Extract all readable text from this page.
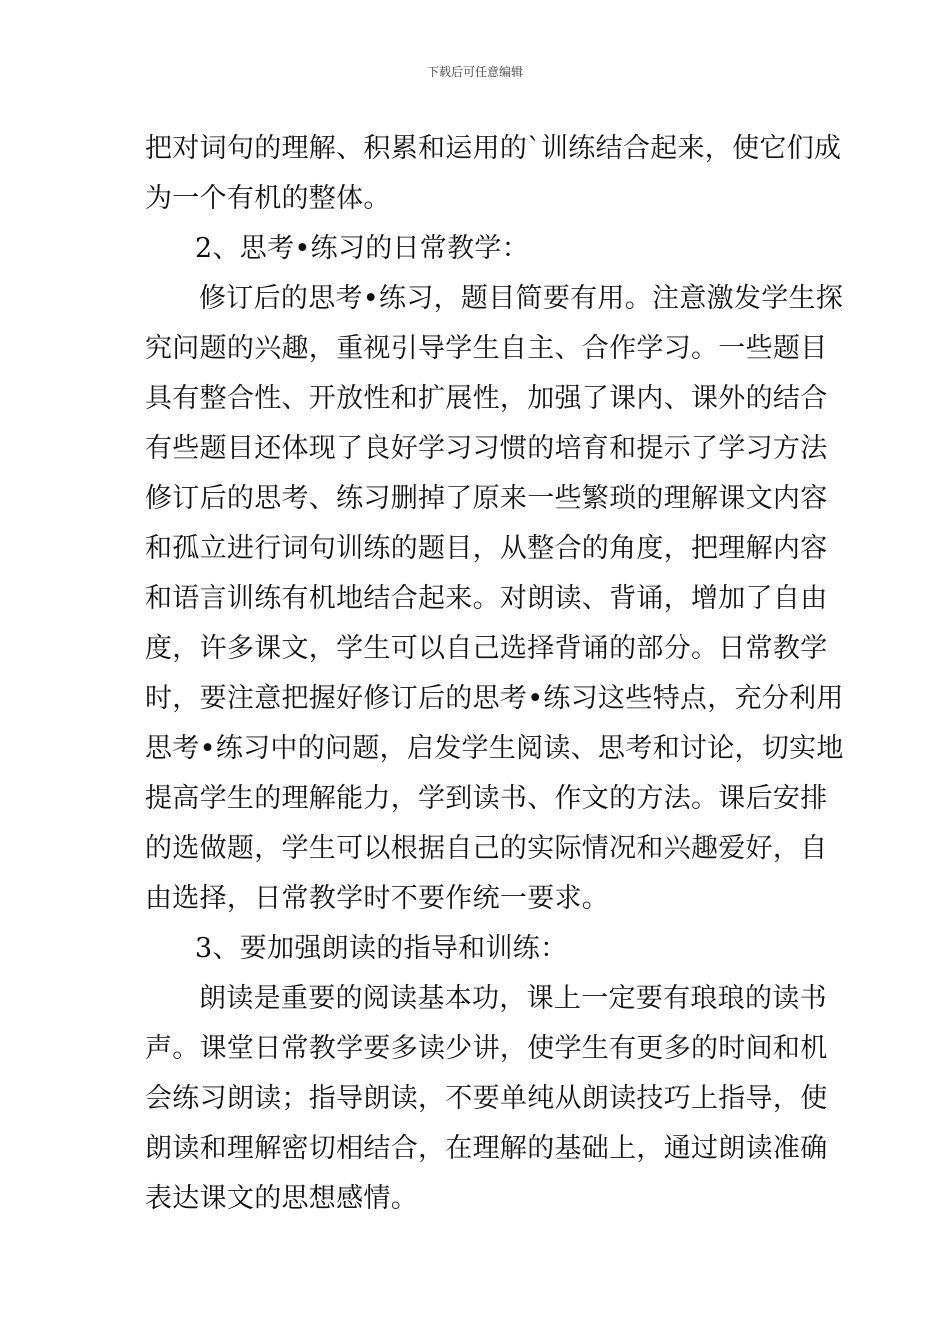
下载后可任意编辑
把对词句的理解、积累和运用的`训练结合起来，使它们成
为一个有机的整体。
2、思考•练习的日常教学：
修订后的思考•练习，题目简要有用。注意激发学生探
究问题的兴趣，重视引导学生自主、合作学习。一些题目
具有整合性、开放性和扩展性，加强了课内、课外的结合
有些题目还体现了良好学习习惯的培育和提示了学习方法
修订后的思考、练习删掉了原来一些繁琐的理解课文内容
和孤立进行词句训练的题目，从整合的角度，把理解内容
和语言训练有机地结合起来。对朗读、背诵，增加了自由
度，许多课文，学生可以自己选择背诵的部分。日常教学
时，要注意把握好修订后的思考•练习这些特点，充分利用
思考•练习中的问题，启发学生阅读、思考和讨论，切实地
提高学生的理解能力，学到读书、作文的方法。课后安排
的选做题，学生可以根据自己的实际情况和兴趣爱好，自
由选择，日常教学时不要作统一要求。
3、要加强朗读的指导和训练：
朗读是重要的阅读基本功，课上一定要有琅琅的读书
声。课堂日常教学要多读少讲，使学生有更多的时间和机
会练习朗读；指导朗读，不要单纯从朗读技巧上指导，使
朗读和理解密切相结合，在理解的基础上，通过朗读准确
表达课文的思想感情。
